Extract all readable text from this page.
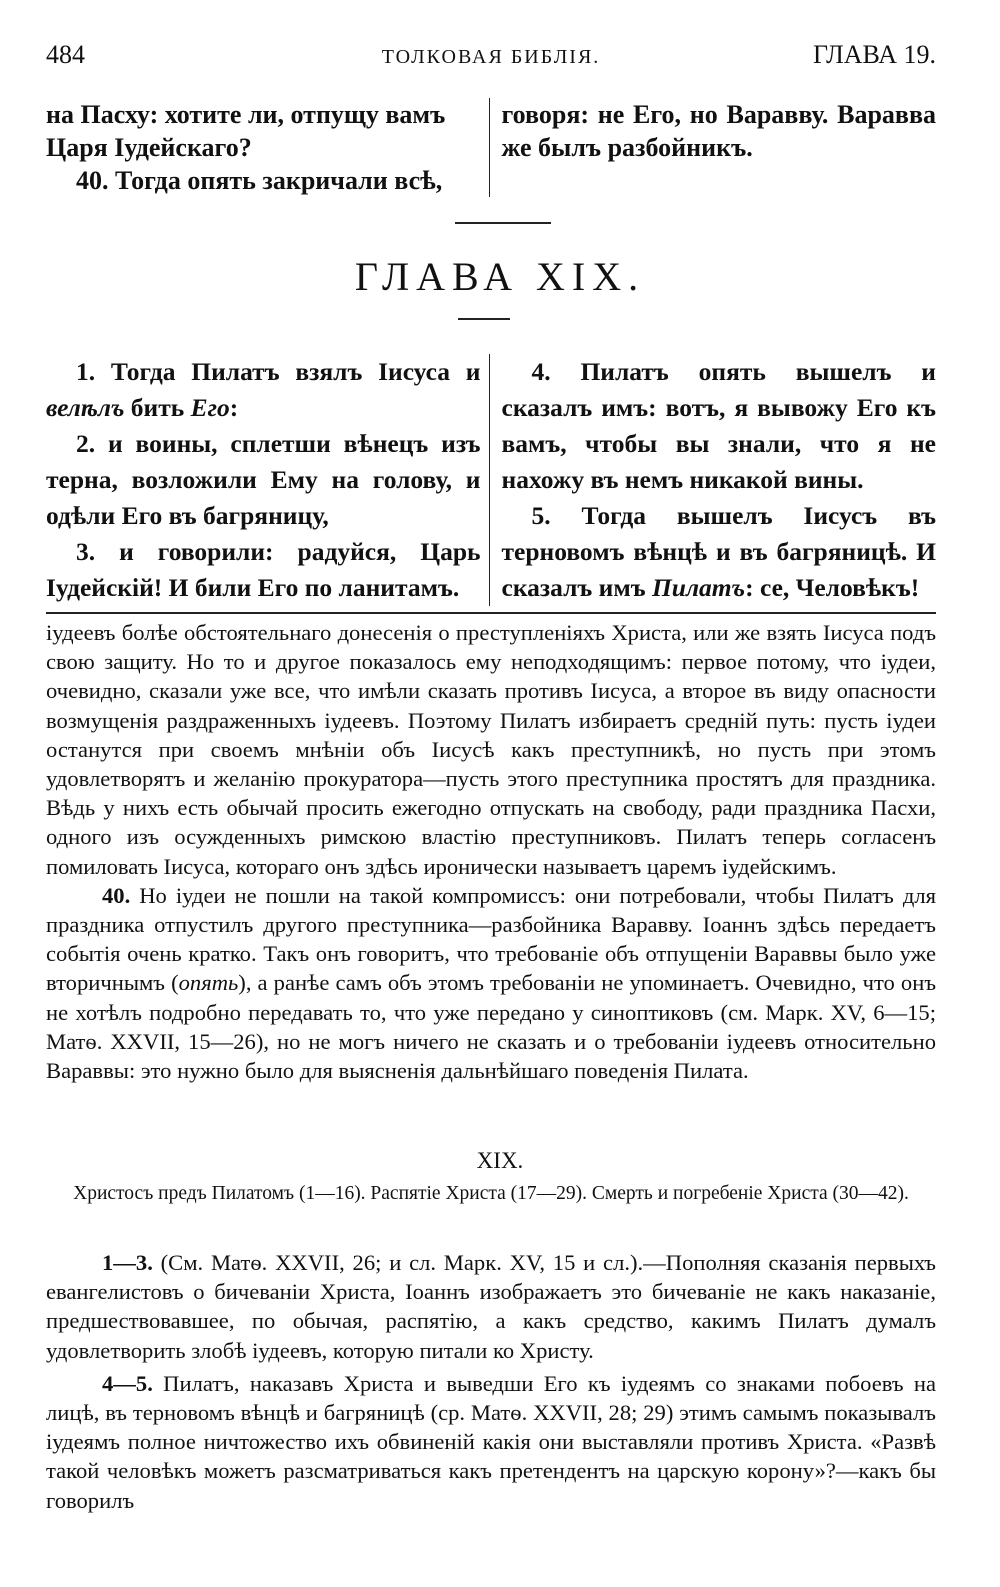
484	ТОЛКОВАЯ БИБЛІЯ.	ГЛАВА 19.

на Пасху: хотите ли, отпущу вамъ

Царя Іудейскаго?

40. Тогда опять закричали всѣ,

говоря: не Его, но Варавву. Варавва же былъ разбойникъ.

ГЛАВА XIX.

1. Тогда Пилатъ взялъ Іисуса и велѣлъ бить Его:

2. и воины, сплетши вѣнецъ изъ терна, возложили Ему на голову, и одѣли Его въ багряницу,

3. и говорили: радуйся, Царь Іудейскій! И били Его по ланитамъ.

4. Пилатъ опять вышелъ и сказалъ имъ: вотъ, я вывожу Его къ вамъ, чтобы вы знали, что я не нахожу въ немъ никакой вины.

5. Тогда вышелъ Іисусъ въ терновомъ вѣнцѣ и въ багряницѣ. И сказалъ имъ Пилатъ: се, Человѣкъ!

іудеевъ болѣе обстоятельнаго донесенія о преступленіяхъ Христа, или же взять Іисуса подъ свою защиту. Но то и другое показалось ему неподходящимъ: первое потому, что іудеи, очевидно, сказали уже все, что имѣли сказать противъ Іисуса, а второе въ виду опасности возмущенія раздраженныхъ іудеевъ. Поэтому Пилатъ избираетъ средній путь: пусть іудеи останутся при своемъ мнѣніи объ Іисусѣ какъ преступникѣ, но пусть при этомъ удовлетворятъ и желанію прокуратора—пусть этого преступника простятъ для праздника. Вѣдь у нихъ есть обычай просить ежегодно отпускать на свободу, ради праздника Пасхи, одного изъ осужденныхъ римскою властію преступниковъ. Пилатъ теперь согласенъ помиловать Іисуса, котораго онъ здѣсь иронически называетъ царемъ іудейскимъ.

40. Но іудеи не пошли на такой компромиссъ: они потребовали, чтобы Пилатъ для праздника отпустилъ другого преступника—разбойника Варавву. Іоаннъ здѣсь передаетъ событія очень кратко. Такъ онъ говоритъ, что требованіе объ отпущеніи Вараввы было уже вторичнымъ (опять), а ранѣе самъ объ этомъ требованіи не упоминаетъ. Очевидно, что онъ не хотѣлъ подробно передавать то, что уже передано у синоптиковъ (см. Марк. XV, 6—15; Матѳ. XXVII, 15—26), но не могъ ничего не сказать и о требованіи іудеевъ относительно Вараввы: это нужно было для выясненія дальнѣйшаго поведенія Пилата.

XIX.
Христосъ предъ Пилатомъ (1—16). Распятіе Христа (17—29). Смерть и погребеніе Христа (30—42).

1—3. (См. Матѳ. XXVII, 26; и сл. Марк. XV, 15 и сл.).—Пополняя сказанія первыхъ евангелистовъ о бичеваніи Христа, Іоаннъ изображаетъ это бичеваніе не какъ наказаніе, предшествовавшее, по обычая, распятію, а какъ средство, какимъ Пилатъ думалъ удовлетворить злобѣ іудеевъ, которую питали ко Христу.

4—5. Пилатъ, наказавъ Христа и выведши Его къ іудеямъ со знаками побоевъ на лицѣ, въ терновомъ вѣнцѣ и багряницѣ (ср. Матѳ. XXVII, 28; 29) этимъ самымъ показывалъ іудеямъ полное ничтожество ихъ обвиненій какія они выставляли противъ Христа. «Развѣ такой человѣкъ можетъ разсматриваться какъ претендентъ на царскую корону»?—какъ бы говорилъ
